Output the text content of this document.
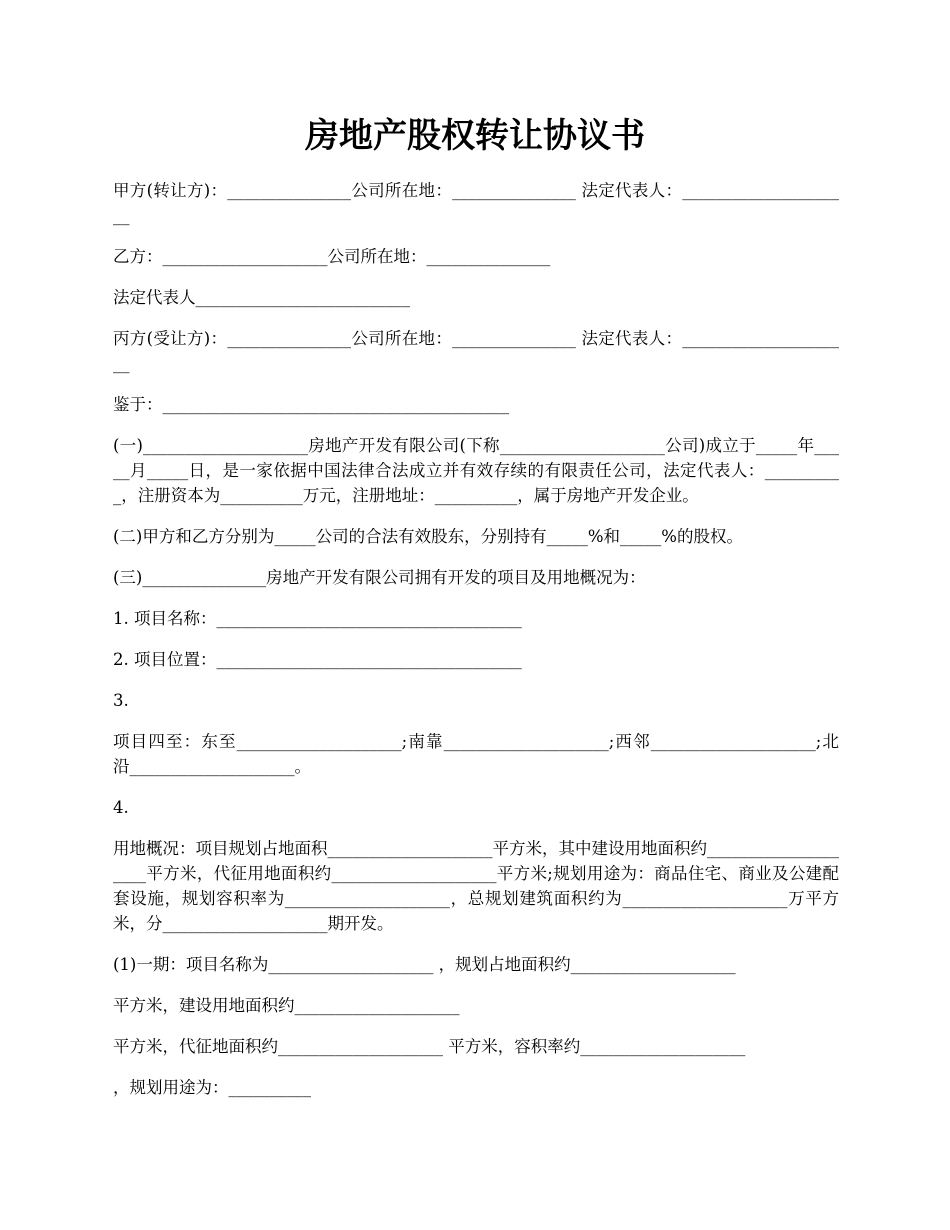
房地产股权转让协议书

甲方(转让方)：_______________公司所在地：_______________ 法定代表人：_____________________

乙方：____________________公司所在地：_______________

法定代表人__________________________

丙方(受让方)：_______________公司所在地：_______________ 法定代表人：_____________________

鉴于：__________________________________________

(一)____________________房地产开发有限公司(下称____________________公司)成立于_____年_____月_____日，是一家依据中国法律合法成立并有效存续的有限责任公司，法定代表人：__________，注册资本为__________万元，注册地址：__________，属于房地产开发企业。

(二)甲方和乙方分别为_____公司的合法有效股东，分别持有_____%和_____%的股权。

(三)_______________房地产开发有限公司拥有开发的项目及用地概况为：

1. 项目名称：_____________________________________

2. 项目位置：_____________________________________

3.

项目四至：东至____________________;南靠____________________;西邻____________________;北沿____________________。

4.

用地概况：项目规划占地面积____________________平方米，其中建设用地面积约____________________平方米，代征用地面积约____________________平方米;规划用途为：商品住宅、商业及公建配套设施，规划容积率为____________________，总规划建筑面积约为____________________万平方米，分____________________期开发。

(1)一期：项目名称为____________________ ，规划占地面积约____________________

平方米，建设用地面积约____________________

平方米，代征地面积约____________________ 平方米，容积率约____________________

，规划用途为：__________
